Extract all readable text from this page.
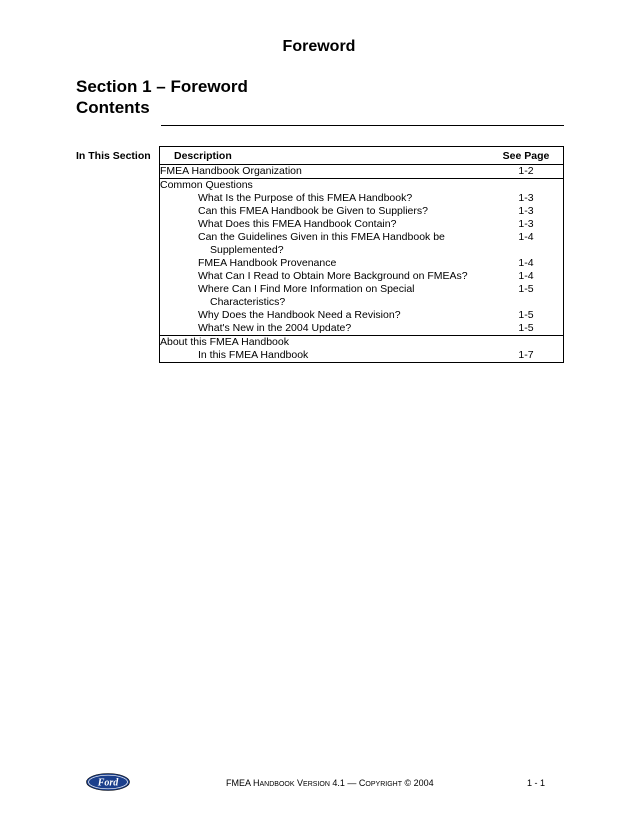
Foreword
Section 1 – Foreword
Contents
In This Section Description	See Page
FMEA Handbook Organization	1-2
Common Questions	
What Is the Purpose of this FMEA Handbook?	1-3
Can this FMEA Handbook be Given to Suppliers?	1-3
What Does this FMEA Handbook Contain?	1-3

Can the Guidelines Given in this FMEA Handbook be
Supplemented?	1-4
FMEA Handbook Provenance	1-4
What Can I Read to Obtain More Background on FMEAs?	1-4

Where Can I Find More Information on Special
Characteristics?	1-5
Why Does the Handbook Need a Revision?	1-5
What's New in the 2004 Update?	1-5
About this FMEA Handbook	
In this FMEA Handbook	1-7
Ford	FMEA HANDBOOK VERSION 4.1 — COPYRIGHT © 2004	1 - 1
